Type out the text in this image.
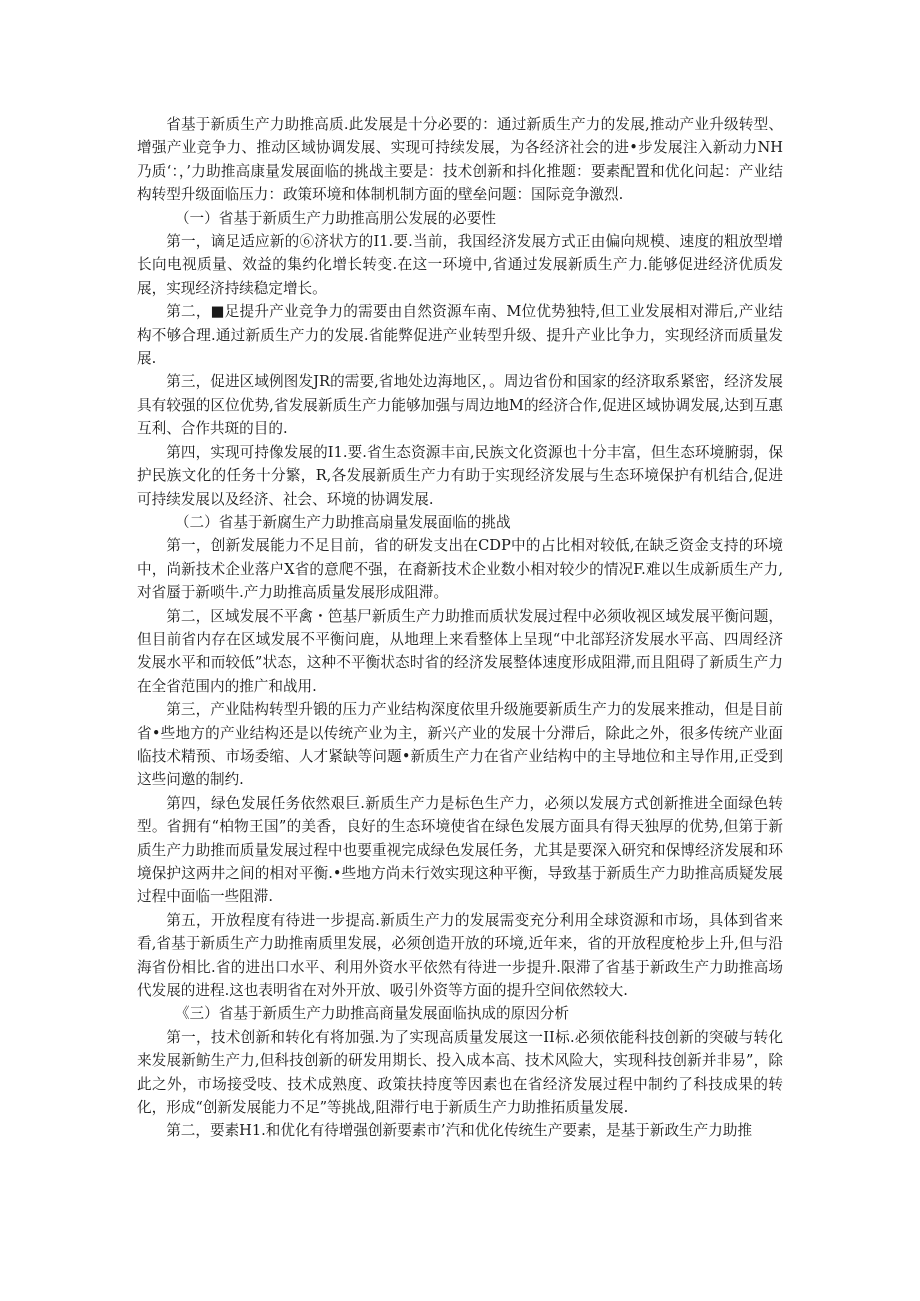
省基于新质生产力助推高质.此发展是十分必要的：通过新质生产力的发展,推动产业升级转型、增强产业竞争力、推动区域协调发展、实现可持续发展，为各经济社会的进•步发展注入新动力NH乃质‘：，’力助推高康量发展面临的挑战主要是：技术创新和抖化推题：要素配置和优化问起：产业结构转型升级面临压力：政策环境和体制机制方面的壁垒问题：国际竞争激烈.

（一）省基于新质生产力助推高朋公发展的必要性

第一，谪足适应新的⑥济状方的I1.要.当前，我国经济发展方式正由偏向规模、速度的粗放型增长向电视质量、效益的集约化增长转变.在这一环境中,省通过发展新质生产力.能够促进经济优质发展，实现经济持续稳定增长。

第二，■足提升产业竞争力的需要由自然资源车南、M位优势独特,但工业发展相对滞后,产业结构不够合理.通过新质生产力的发展.省能弊促进产业转型升级、提升产业比争力，实现经济而质量发展.

第三，促进区域例图发JR的需要,省地处边海地区，。周边省份和国家的经济取系紧密，经济发展具有较强的区位优势,省发展新质生产力能够加强与周边地M的经济合作,促进区域协调发展,达到互惠互利、合作共斑的目的.

第四，实现可持像发展的I1.要.省生态资源丰亩,民族文化资源也十分丰富，但生态环境腑弱，保护民族文化的任务十分繁，R,各发展新质生产力有助于实现经济发展与生态环境保护有机结合,促进可持续发展以及经济、社会、环境的协调发展.

（二）省基于新腐生产力助推高扇量发展面临的挑战

第一，创新发展能力不足目前，省的研发支出在CDP中的占比相对较低,在缺乏资金支持的环境中，尚新技术企业落户X省的意爬不强，在裔新技术企业数小相对较少的情况F.难以生成新质生产力,对省蜃于新唢牛.产力助推高质量发展形成阻滞。

第二，区域发展不平禽・笆基尸新质生产力助推而质状发展过程中必须收视区域发展平衡问题，但目前省内存在区域发展不平衡问鹿，从地理上来看整体上呈现“中北部羟济发展水平高、四周经济发展水平和而较低”状态，这种不平衡状态时省的经济发展整体速度形成阻滞,而且阻碍了新质生产力在全省范围内的推广和战用.

第三，产业陆构转型升锻的压力产业结构深度依里升级施要新质生产力的发展来推动，但是目前省•些地方的产业结构还是以传统产业为主，新兴产业的发展十分滞后，除此之外，很多传统产业面临技术精预、市场委缩、人才紧缺等问题•新质生产力在省产业结构中的主导地位和主导作用,正受到这些问邀的制约.

第四，绿色发展任务依然艰巨.新质生产力是标色生产力，必须以发展方式创新推进全面绿色转型。省拥有“柏物王国”的美香，良好的生态环境使省在绿色发展方面具有得天独厚的优势,但第于新质生产力助推而质量发展过程中也要重视完成绿色发展任务，尤其是要深入研究和保博经济发展和环境保护这两井之间的相对平衡.•些地方尚未行效实现这种平衡，导致基于新质生产力助推高质疑发展过程中面临一些阻滞.

第五，开放程度有待进一步提高.新质生产力的发展需变充分利用全球资源和市场，具体到省来看,省基于新质生产力助推南质里发展，必须创造开放的环境,近年来，省的开放程度枪步上升,但与沿海省份相比.省的进出口水平、利用外资水平依然有待进一步提升.限滞了省基于新政生产力助推高场代发展的进程.这也表明省在对外开放、吸引外资等方面的提升空间依然较大.

《三）省基于新质生产力助推高商量发展面临执成的原因分析

第一，技术创新和转化有将加强.为了实现高质量发展这一II标.必须依能科技创新的突破与转化来发展新鲂生产力,但科技创新的研发用期长、投入成本高、技术风险大，实现科技创新并非易”，除此之外，市场接受吱、技术成熟度、政策扶持度等因素也在省经济发展过程中制约了科技成果的转化，形成“创新发展能力不足”等挑战,阻滞行电于新质生产力助推拓质量发展.

第二，要素H1.和优化有待增强创新要素市’汽和优化传统生产要素，是基于新政生产力助推
